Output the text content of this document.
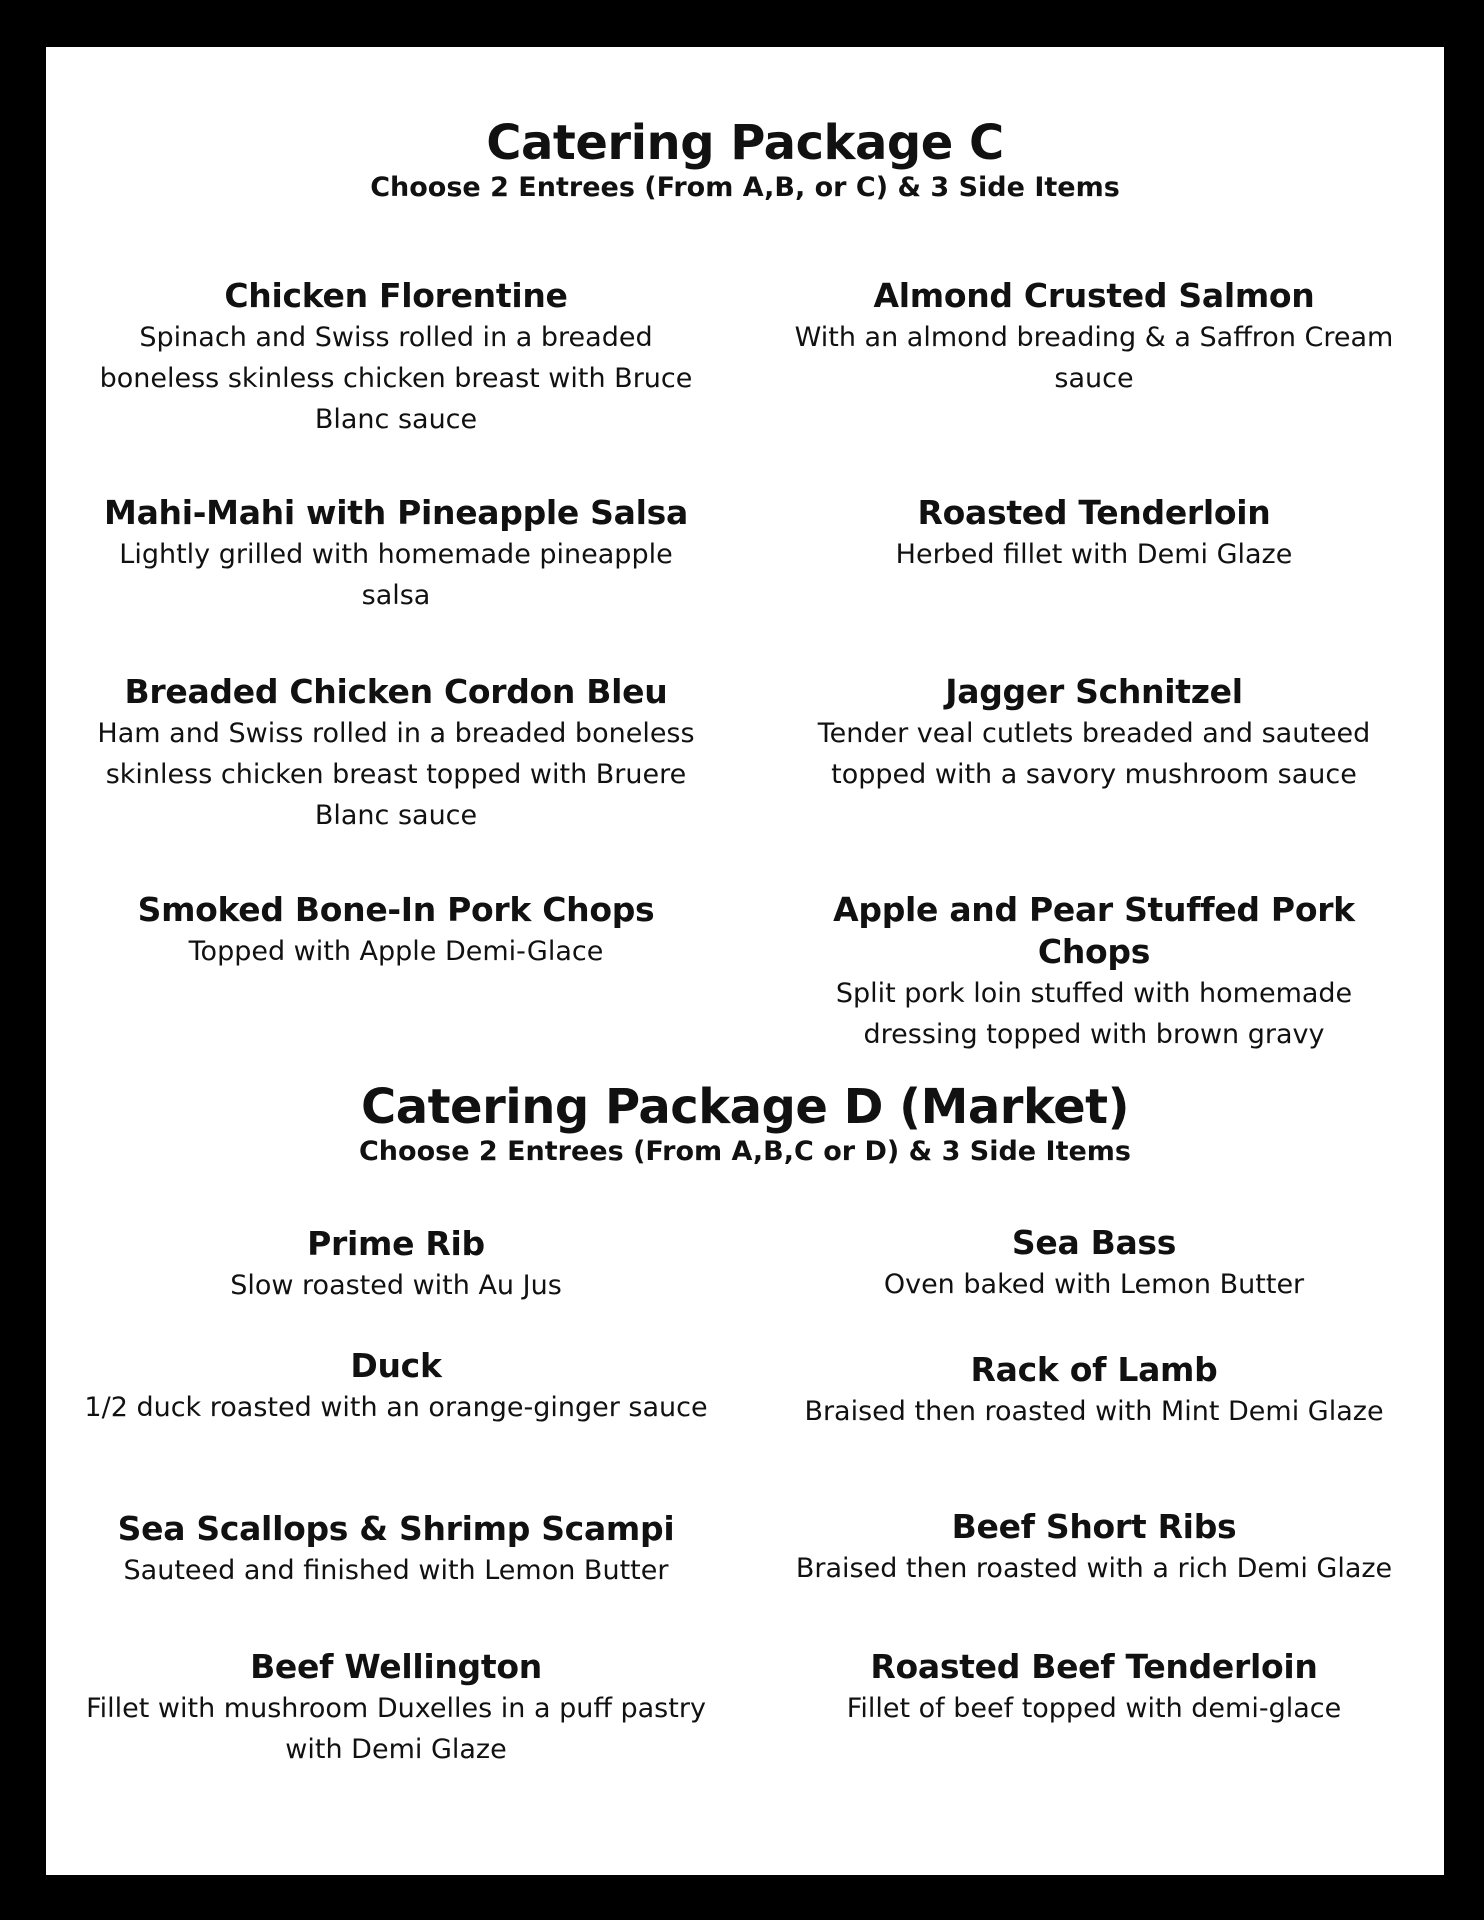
Catering Package C
Choose 2 Entrees (From A,B, or C) & 3 Side Items
Chicken Florentine
Spinach and Swiss rolled in a breaded boneless skinless chicken breast with Bruce Blanc sauce
Almond Crusted Salmon
With an almond breading & a Saffron Cream sauce
Mahi-Mahi with Pineapple Salsa
Lightly grilled with homemade pineapple salsa
Roasted Tenderloin
Herbed fillet with Demi Glaze
Breaded Chicken Cordon Bleu
Ham and Swiss rolled in a breaded boneless skinless chicken breast topped with Bruere Blanc sauce
Jagger Schnitzel
Tender veal cutlets breaded and sauteed topped with a savory mushroom sauce
Smoked Bone-In Pork Chops
Topped with Apple Demi-Glace
Apple and Pear Stuffed Pork Chops
Split pork loin stuffed with homemade dressing topped with brown gravy
Catering Package D (Market)
Choose 2 Entrees (From A,B,C or D) & 3 Side Items
Prime Rib
Slow roasted with Au Jus
Sea Bass
Oven baked with Lemon Butter
Duck
1/2 duck roasted with an orange-ginger sauce
Rack of Lamb
Braised then roasted with Mint Demi Glaze
Sea Scallops & Shrimp Scampi
Sauteed and finished with Lemon Butter
Beef Short Ribs
Braised then roasted with a rich Demi Glaze
Beef Wellington
Fillet with mushroom Duxelles in a puff pastry with Demi Glaze
Roasted Beef Tenderloin
Fillet of beef topped with demi-glace
